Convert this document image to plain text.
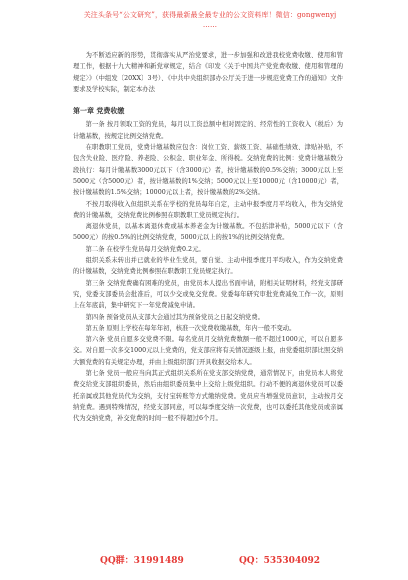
关注头条号“公文研究”，获得最新最全最专业的公文资料库！微信：gongwenyj
……

为不断适应新的形势，贯彻落实从严治党要求，进一步加强和改进我校党费收缴、使用和管理工作，根据十九大精神和新党章规定，结合《印发〈关于中国共产党党费收缴、使用和管理的规定〉》（中组发〔20XX〕3号）、《中共中央组织部办公厅关于进一步规范党费工作的通知》文件要求及学校实际，制定本办法

第一章 党费收缴

第一条 按月领取工资的党员，每月以工资总额中相对固定的、经常性的工资收入（税后）为计缴基数，按规定比例交纳党费。

在职教职工党员，党费计缴基数应包含：岗位工资、薪级工资、基础性绩效、津贴补贴，不包含失业险、医疗险、养老险、公积金、职业年金、所得税。交纳党费的比例：党费计缴基数分段执行：每月计缴基数3000元以下（含3000元）者，按计缴基数的0.5%交纳；3000元以上至5000元（含5000元）者，按计缴基数的1%交纳；5000元以上至10000元（含10000元）者，按计缴基数的1.5%交纳；10000元以上者，按计缴基数的2%交纳。

不按月取得收入但组织关系在学校的党员每年自定，主动申报季度月平均收入，作为交纳党费的计缴基数，交纳党费比例参照在职教职工党员规定执行。

离退休党员，以基本离退休费或基本养老金为计缴基数。不包括津补贴，5000元以下（含5000元）的按0.5%的比例交纳党费，5000元以上的按1%的比例交纳党费。

第二条 在校学生党员每月交纳党费0.2元。

组织关系未转出并已就业的毕业生党员，要自觉、主动申报季度月平均收入，作为交纳党费的计缴基数，交纳党费比例参照在职教职工党员规定执行。

第三条 交纳党费确有困难的党员，由党员本人提出书面申请，附相关证明材料，经党支部研究，党委支部委员会批准后，可以少交或免交党费。党委每年研究审批党费减免工作一次，原则上在年底前，集中研究下一年党费减免申请。

第四条 预备党员从支部大会通过其为预备党员之日起交纳党费。

第五条 原则上学校在每年年初，核准一次党费收缴基数，年内一般不变动。

第六条 党员自愿多交党费不限。每名党员月交纳党费数额一般不超过1000元，可以自愿多交。对自愿一次多交1000元以上党费的，党支部应将有关情况逐级上报，由党委组织部比照交纳大额党费的有关规定办理，并由上级组织部门开具收据交给本人。

第七条 党员一般应当向其正式组织关系所在党支部交纳党费，通常情况下，由党员本人将党费交给党支部组织委员，然后由组织委员集中上交给上级党组织。行动不便的离退休党员可以委托亲属或其他党员代为交纳，支付宝转账等方式缴纳党费。党员应当增强党员意识，主动按月交纳党费。遇到特殊情况，经党支部同意，可以每季度交纳一次党费，也可以委托其他党员或亲属代为交纳党费，补交党费的时间一般不得超过6个月。

QQ群：31991489	QQ：535304092
